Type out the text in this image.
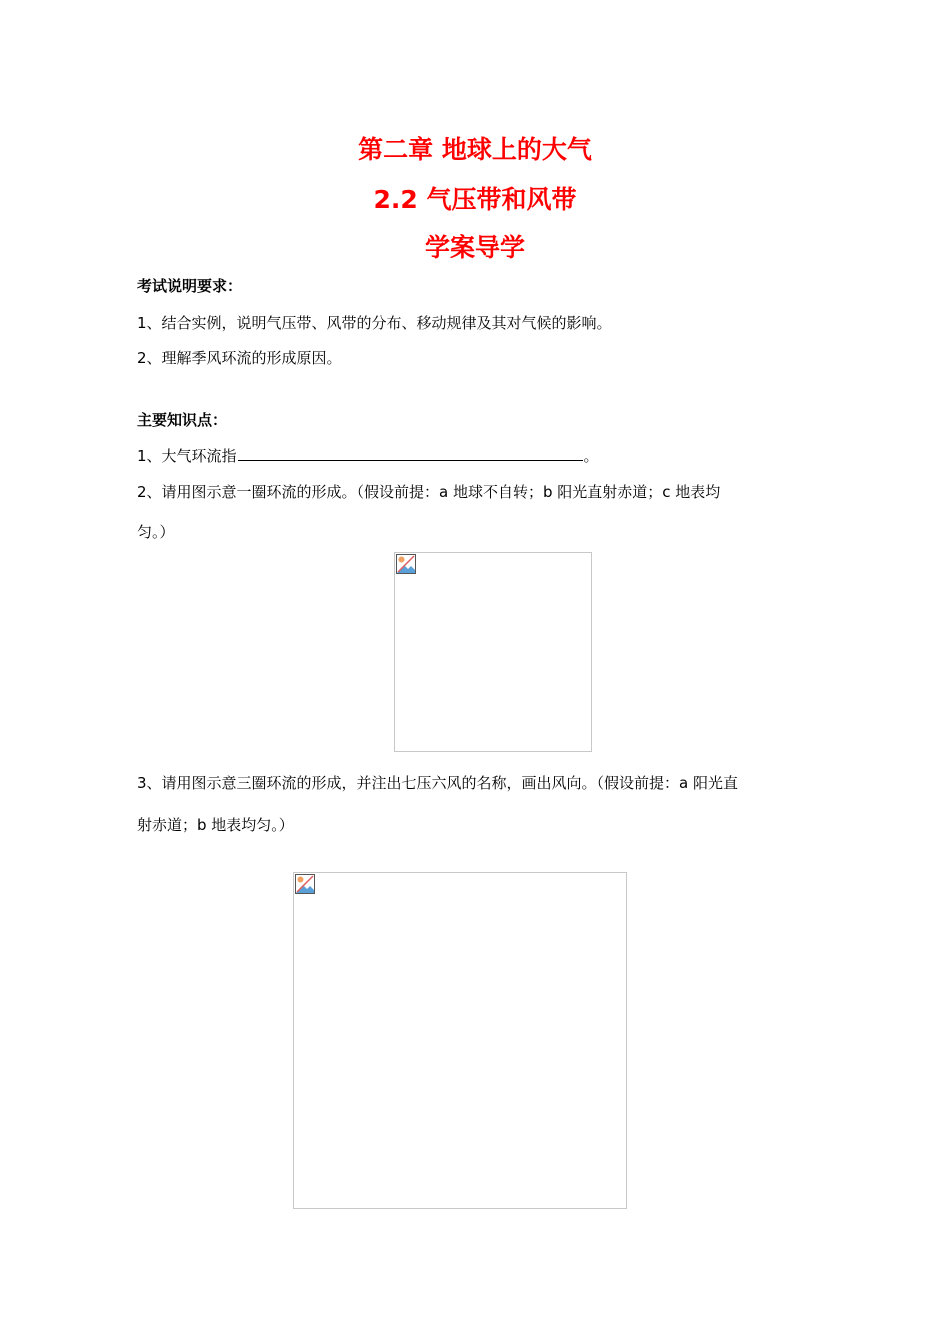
第二章 地球上的大气
2.2 气压带和风带
学案导学

考试说明要求：

1、结合实例，说明气压带、风带的分布、移动规律及其对气候的影响。

2、理解季风环流的形成原因。

主要知识点：

1、大气环流指	。

2、请用图示意一圈环流的形成。（假设前提：a 地球不自转；b 阳光直射赤道；c 地表均

匀。）

3、请用图示意三圈环流的形成，并注出七压六风的名称，画出风向。（假设前提：a 阳光直

射赤道；b 地表均匀。）
